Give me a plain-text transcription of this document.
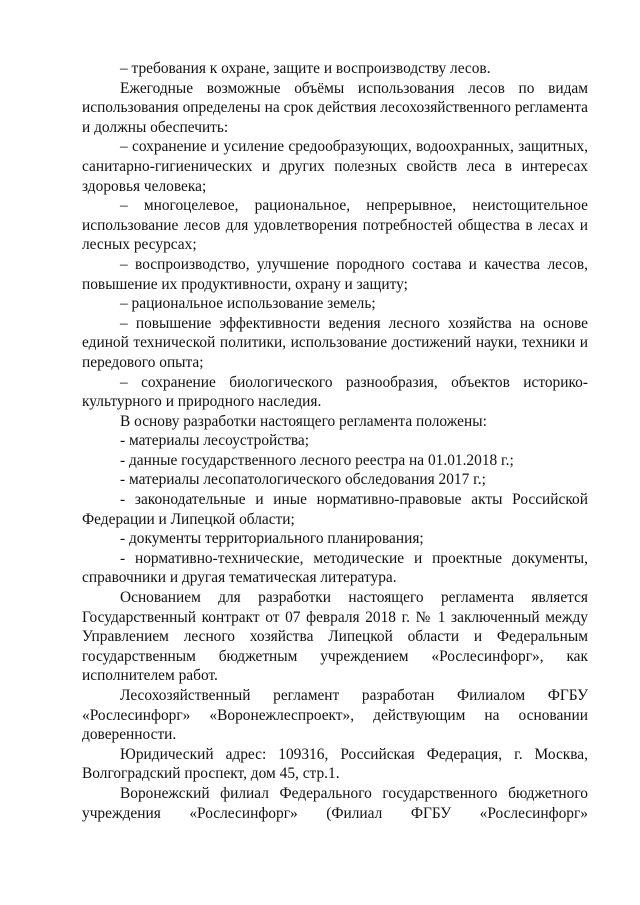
– требования к охране, защите и воспроизводству лесов.

Ежегодные возможные объёмы использования лесов по видам использования определены на срок действия лесохозяйственного регламента и должны обеспечить:

– сохранение и усиление средообразующих, водоохранных, защитных, санитарно-гигиенических и других полезных свойств леса в интересах здоровья человека;

– многоцелевое, рациональное, непрерывное, неистощительное использование лесов для удовлетворения потребностей общества в лесах и лесных ресурсах;

– воспроизводство, улучшение породного состава и качества лесов, повышение их продуктивности, охрану и защиту;

– рациональное использование земель;

– повышение эффективности ведения лесного хозяйства на основе единой технической политики, использование достижений науки, техники и передового опыта;

– сохранение биологического разнообразия, объектов историко-культурного и природного наследия.

В основу разработки настоящего регламента положены:

- материалы лесоустройства;

- данные государственного лесного реестра на 01.01.2018 г.;

- материалы лесопатологического обследования 2017 г.;

- законодательные и иные нормативно-правовые акты Российской Федерации и Липецкой области;

- документы территориального планирования;

- нормативно-технические, методические и проектные документы, справочники и другая тематическая литература.

Основанием для разработки настоящего регламента является Государственный контракт от 07 февраля 2018 г. № 1 заключенный между Управлением лесного хозяйства Липецкой области и Федеральным государственным бюджетным учреждением «Рослесинфорг», как исполнителем работ.

Лесохозяйственный регламент разработан Филиалом ФГБУ «Рослесинфорг» «Воронежлеспроект», действующим на основании доверенности.

Юридический адрес: 109316, Российская Федерация, г. Москва, Волгоградский проспект, дом 45, стр.1.

Воронежский филиал Федерального государственного бюджетного учреждения «Рослесинфорг» (Филиал ФГБУ «Рослесинфорг»
